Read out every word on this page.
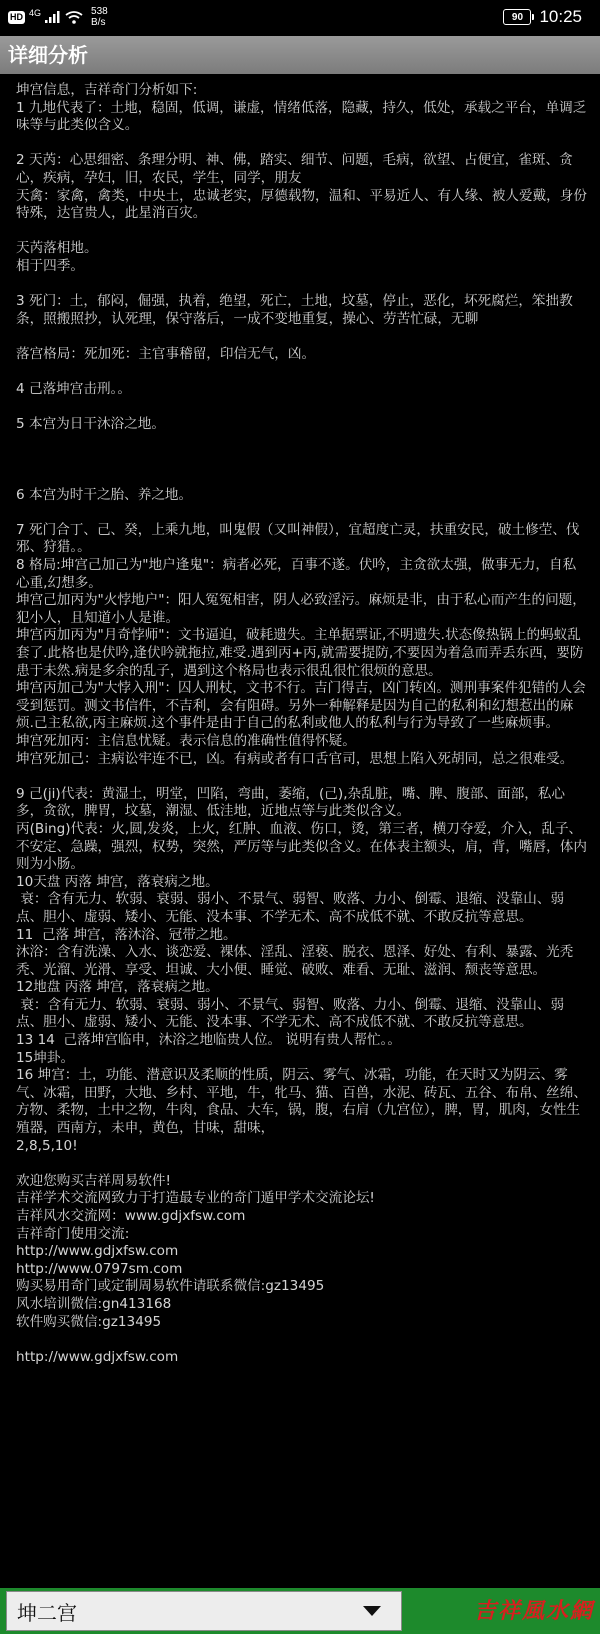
HD 4G	538
B/s	90 10:25
详细分析

坤宫信息，吉祥奇门分析如下:
1 九地代表了：土地，稳固，低调，谦虚，情绪低落，隐藏，持久，低处，承载之平台，单调乏味等与此类似含义。

2 天芮：心思细密、条理分明、神、佛，踏实、细节、问题，毛病，欲望、占便宜，雀斑、贪心，疾病，孕妇，旧，农民，学生，同学，朋友
天禽：家禽，禽类，中央土，忠诚老实，厚德载物，温和、平易近人、有人缘、被人爱戴，身份特殊，达官贵人，此星消百灾。

天芮落相地。
相于四季。

3 死门：土，郁闷，倔强，执着，绝望，死亡，土地，坟墓，停止，恶化，坏死腐烂，笨拙教条，照搬照抄，认死理，保守落后，一成不变地重复，操心、劳苦忙碌，无聊

落宫格局：死加死：主官事稽留，印信无气，凶。

4 己落坤宫击刑。。

5 本宫为日干沐浴之地。

6 本宫为时干之胎、养之地。

7 死门合丁、己、癸，上乘九地，叫鬼假（又叫神假），宜超度亡灵，扶重安民，破土修茔、伐邪、狩猎。。
8 格局:坤宫己加己为"地户逢鬼"：病者必死，百事不遂。伏吟，主贪欲太强，做事无力，自私心重,幻想多。
坤宫己加丙为"火悖地户"：阳人冤冤相害，阴人必致淫污。麻烦是非，由于私心而产生的问题，犯小人，且知道小人是谁。
坤宫丙加丙为"月奇悖师"：文书逼迫，破耗遗失。主单据票证,不明遗失.状态像热锅上的蚂蚁乱套了.此格也是伏吟,逢伏吟就拖拉,难受.遇到丙+丙,就需要提防,不要因为着急而弄丢东西，要防患于未然.病是多余的乱子，遇到这个格局也表示很乱很忙很烦的意思。
坤宫丙加己为"大悖入刑"：囚人刑杖，文书不行。吉门得吉，凶门转凶。测刑事案件犯错的人会受到惩罚。测文书信件，不吉利，会有阻碍。另外一种解释是因为自己的私利和幻想惹出的麻烦.己主私欲,丙主麻烦.这个事件是由于自己的私利或他人的私利与行为导致了一些麻烦事。
坤宫死加丙：主信息忧疑。表示信息的准确性值得怀疑。
坤宫死加己：主病讼牢连不已，凶。有病或者有口舌官司，思想上陷入死胡同，总之很难受。

9 己(ji)代表：黄湿土，明堂，凹陷，弯曲，萎缩，(己),杂乱脏，嘴、脾、腹部、面部，私心多，贪欲，脾胃，坟墓，潮湿、低洼地，近地点等与此类似含义。
丙(Bing)代表：火,圆,发炎，上火，红肿、血液、伤口，烫，第三者，横刀夺爱，介入，乱子、不安定、急躁，强烈，权势，突然，严厉等与此类似含义。在体表主额头，肩，背，嘴唇，体内则为小肠。
10天盘 丙落 坤宫，落衰病之地。
衰：含有无力、软弱、衰弱、弱小、不景气、弱智、败落、力小、倒霉、退缩、没靠山、弱点、胆小、虚弱、矮小、无能、没本事、不学无术、高不成低不就、不敢反抗等意思。
11  己落 坤宫，落沐浴、冠带之地。
沐浴：含有洗澡、入水、谈恋爱、裸体、淫乱、淫亵、脱衣、恩泽、好处、有利、暴露、光秃秃、光溜、光滑、享受、坦诚、大小便、睡觉、破败、难看、无耻、滋润、颓丧等意思。
12地盘 丙落 坤宫，落衰病之地。
衰：含有无力、软弱、衰弱、弱小、不景气、弱智、败落、力小、倒霉、退缩、没靠山、弱点、胆小、虚弱、矮小、无能、没本事、不学无术、高不成低不就、不敢反抗等意思。
13 14  己落坤宫临申，沐浴之地临贵人位。 说明有贵人帮忙。。
15坤卦。
16 坤宫：土，功能、潜意识及柔顺的性质，阴云、雾气、冰霜，功能，在天时又为阴云、雾气、冰霜，田野，大地、乡村、平地，牛，牝马、猫、百兽，水泥、砖瓦、五谷、布帛、丝绵、方物、柔物，土中之物，牛肉，食品、大车，锅，腹，右肩（九宫位），脾，胃，肌肉，女性生殖器，西南方，未申，黄色，甘味，甜味，
2,8,5,10!

欢迎您购买吉祥周易软件!
吉祥学术交流网致力于打造最专业的奇门遁甲学术交流论坛!
吉祥风水交流网：www.gdjxfsw.com
吉祥奇门使用交流:
http://www.gdjxfsw.com
http://www.0797sm.com
购买易用奇门或定制周易软件请联系微信:gz13495
风水培训微信:gn413168
软件购买微信:gz13495

http://www.gdjxfsw.com

坤二宫	吉祥風水網
